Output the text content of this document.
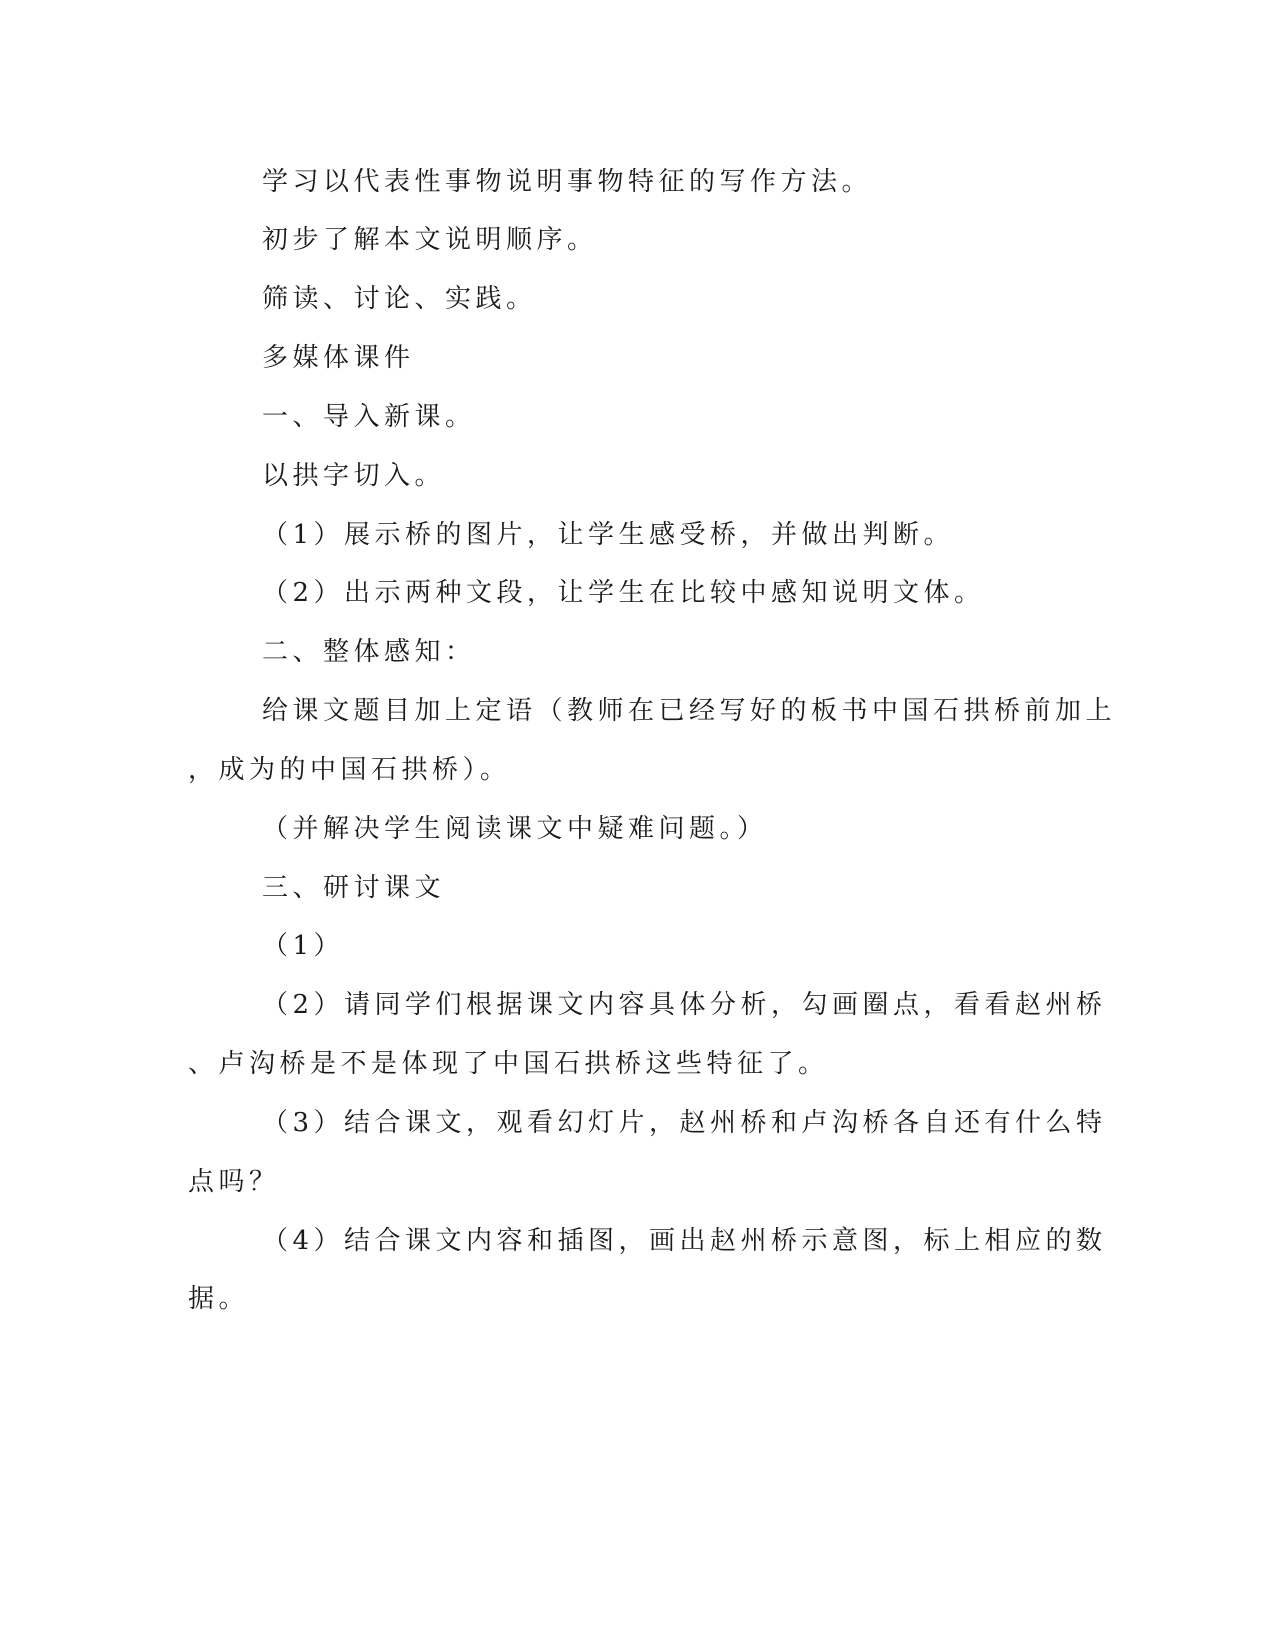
学习以代表性事物说明事物特征的写作方法。
初步了解本文说明顺序。
筛读、讨论、实践。
多媒体课件
一、导入新课。
以拱字切入。
（1）展示桥的图片，让学生感受桥，并做出判断。
（2）出示两种文段，让学生在比较中感知说明文体。
二、整体感知：
给课文题目加上定语（教师在已经写好的板书中国石拱桥前加上
，成为的中国石拱桥）。
（并解决学生阅读课文中疑难问题。）
三、研讨课文
（1）
（2）请同学们根据课文内容具体分析，勾画圈点，看看赵州桥
、卢沟桥是不是体现了中国石拱桥这些特征了。
（3）结合课文，观看幻灯片，赵州桥和卢沟桥各自还有什么特
点吗？
（4）结合课文内容和插图，画出赵州桥示意图，标上相应的数
据。
